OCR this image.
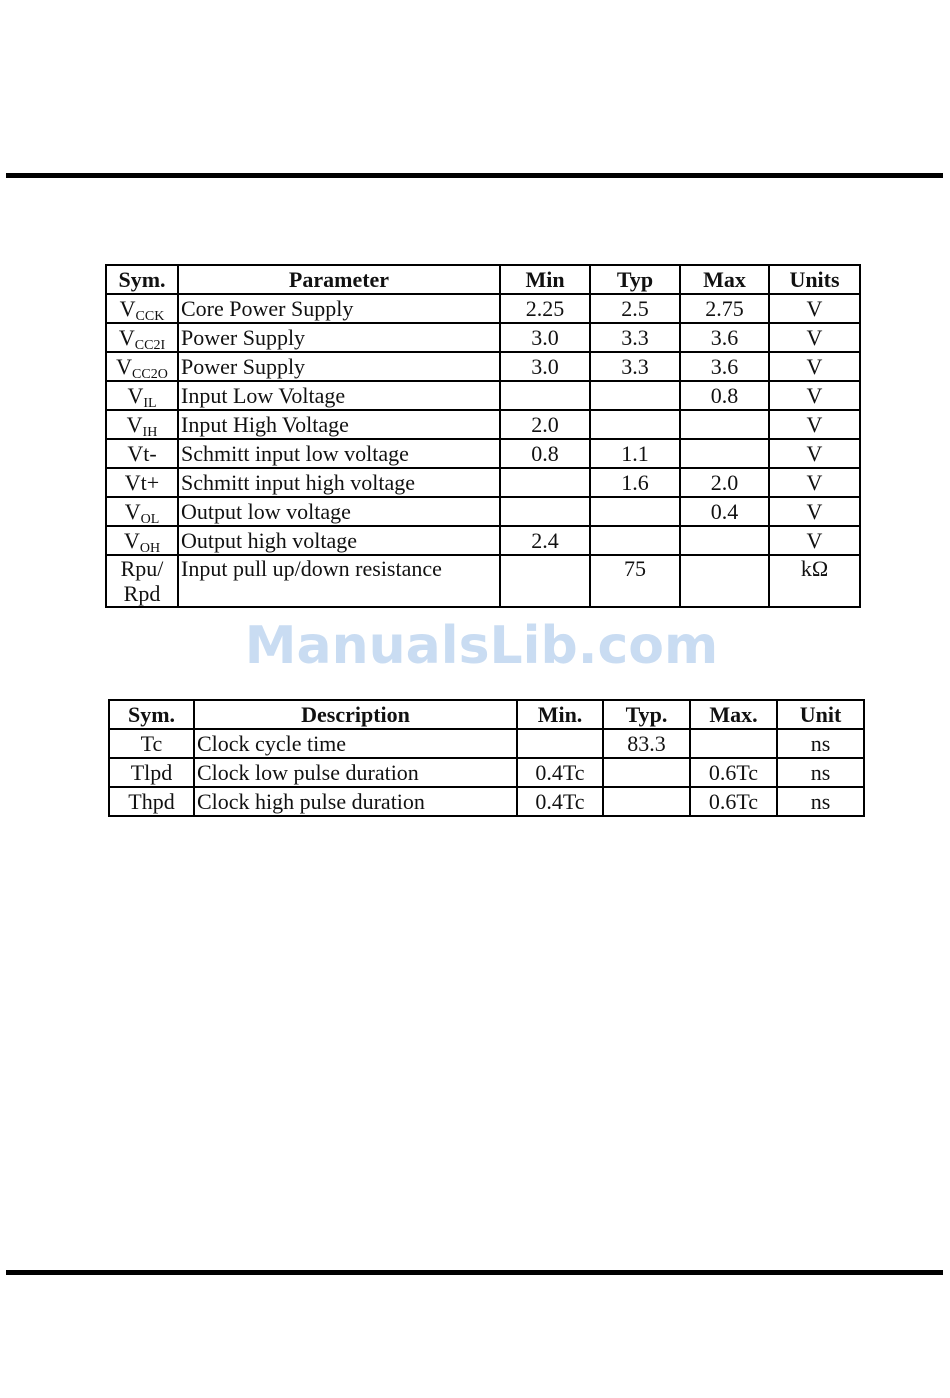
Sym.	Parameter	Min	Typ	Max	Units
$V_{CCK}$	Core Power Supply	2.25	2.5	2.75	V
$V_{CC2I}$	Power Supply	3.0	3.3	3.6	V
$V_{CC2O}$	Power Supply	3.0	3.3	3.6	V
$V_{IL}$	Input Low Voltage			0.8	V
$V_{IH}$	Input High Voltage	2.0			V
Vt-	Schmitt input low voltage	0.8	1.1		V
Vt+	Schmitt input high voltage		1.6	2.0	V
$V_{OL}$	Output low voltage			0.4	V
$V_{OH}$	Output high voltage	2.4			V
Rpu/
Rpd	Input pull up/down resistance		75		kΩ
ManualsLib.com
Sym.	Description	Min.	Typ.	Max.	Unit
Tc	Clock cycle time		83.3		ns
Tlpd	Clock low pulse duration	0.4Tc		0.6Tc	ns
Thpd	Clock high pulse duration	0.4Tc		0.6Tc	ns
